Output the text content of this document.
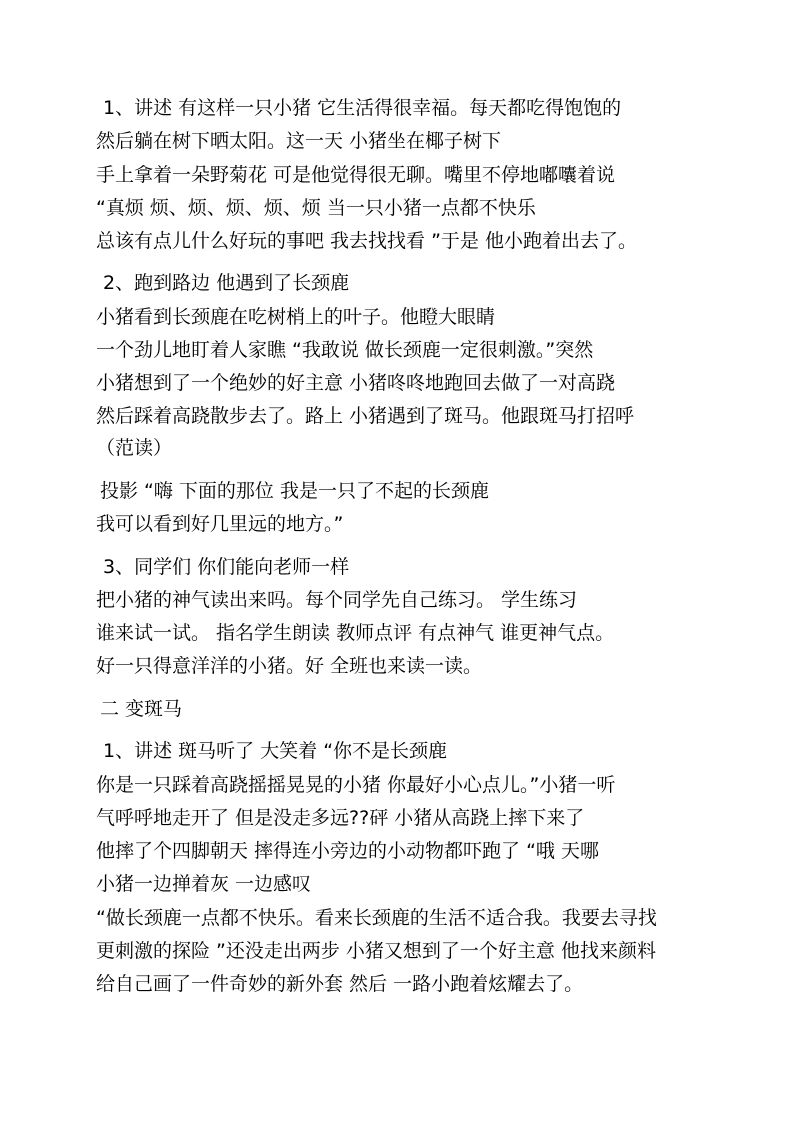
1、讲述 有这样一只小猪 它生活得很幸福。每天都吃得饱饱的
然后躺在树下晒太阳。这一天 小猪坐在椰子树下
手上拿着一朵野菊花 可是他觉得很无聊。嘴里不停地嘟囔着说
“真烦 烦、烦、烦、烦、烦 当一只小猪一点都不快乐
总该有点儿什么好玩的事吧 我去找找看 ”于是 他小跑着出去了。
2、跑到路边 他遇到了长颈鹿
小猪看到长颈鹿在吃树梢上的叶子。他瞪大眼睛
一个劲儿地盯着人家瞧 “我敢说 做长颈鹿一定很刺激。”突然
小猪想到了一个绝妙的好主意 小猪咚咚地跑回去做了一对高跷
然后踩着高跷散步去了。路上 小猪遇到了斑马。他跟斑马打招呼
（范读）
投影 “嗨 下面的那位 我是一只了不起的长颈鹿
我可以看到好几里远的地方。”
3、同学们 你们能向老师一样
把小猪的神气读出来吗。每个同学先自己练习。 学生练习
谁来试一试。 指名学生朗读 教师点评 有点神气 谁更神气点。
好一只得意洋洋的小猪。好 全班也来读一读。
二 变斑马
1、讲述 斑马听了 大笑着 “你不是长颈鹿
你是一只踩着高跷摇摇晃晃的小猪 你最好小心点儿。”小猪一听
气呼呼地走开了 但是没走多远??砰 小猪从高跷上摔下来了
他摔了个四脚朝天 摔得连小旁边的小动物都吓跑了 “哦 天哪
小猪一边掸着灰 一边感叹
“做长颈鹿一点都不快乐。看来长颈鹿的生活不适合我。我要去寻找
更刺激的探险 ”还没走出两步 小猪又想到了一个好主意 他找来颜料
给自己画了一件奇妙的新外套 然后 一路小跑着炫耀去了。
